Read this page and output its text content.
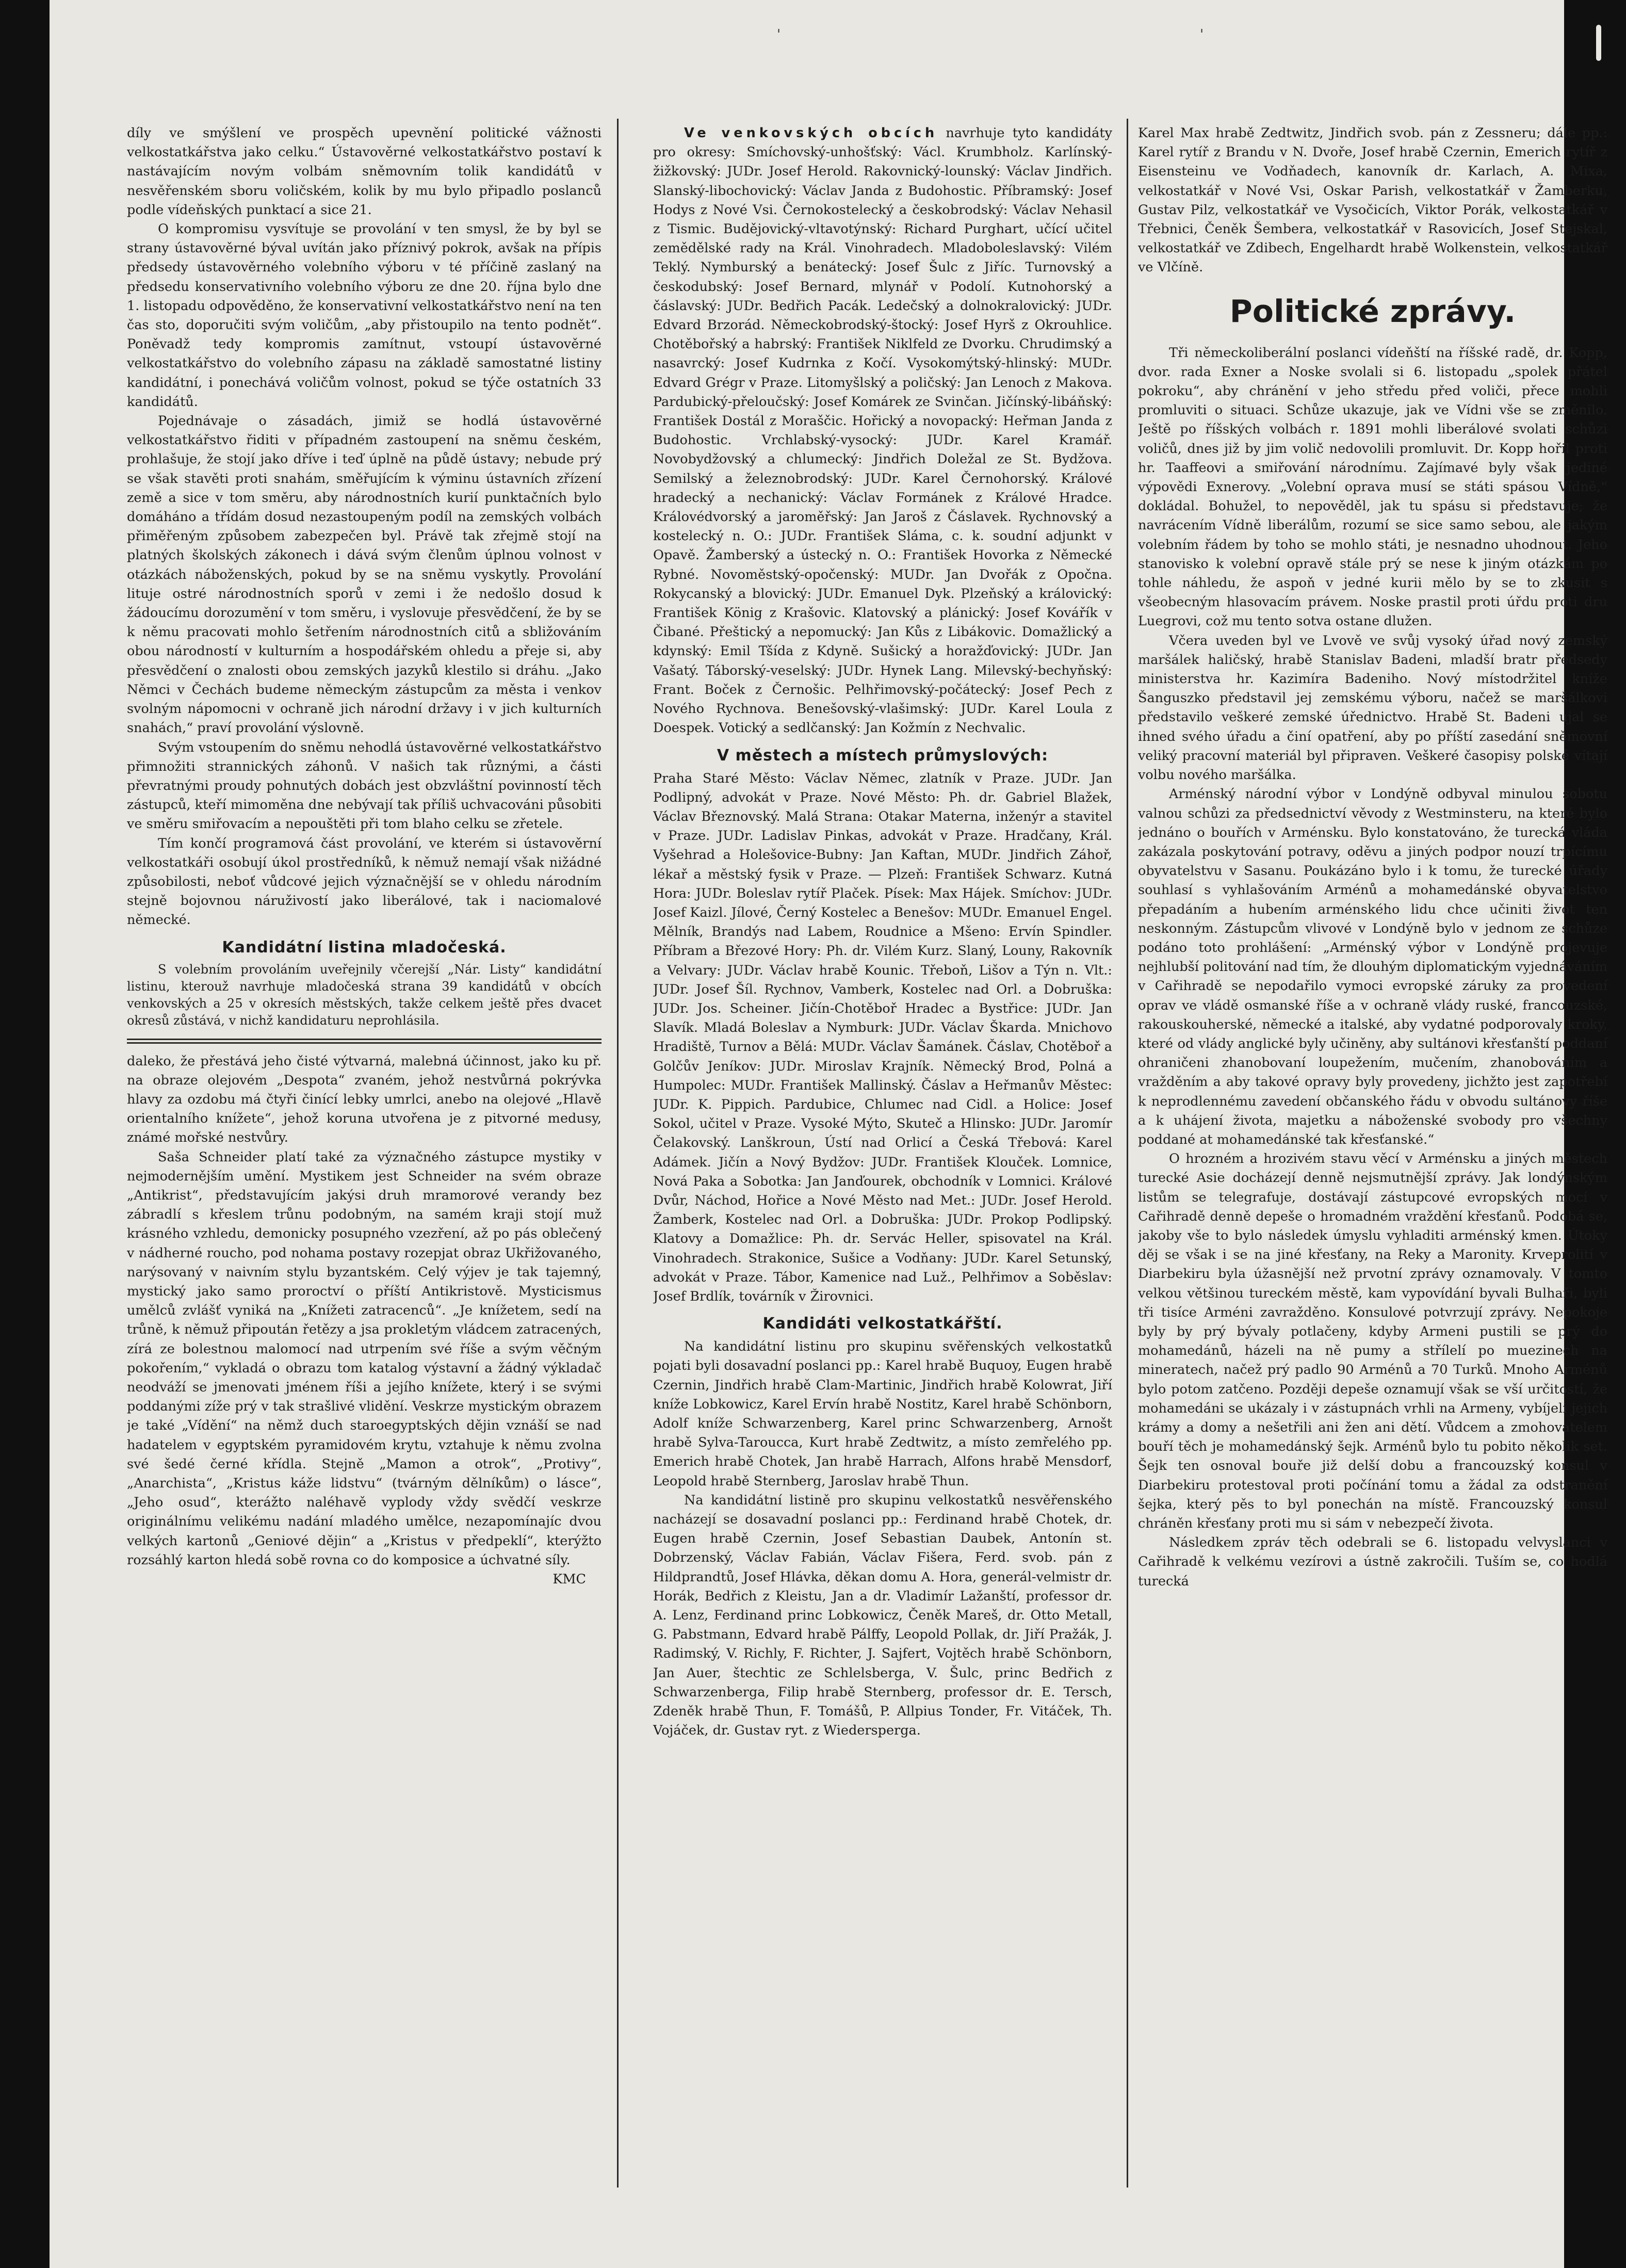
'	'

díly ve smýšlení ve prospěch upevnění politické vážnosti velkostatkářstva jako celku.“ Ústavověrné velkostatkářstvo postaví k nastávajícím novým volbám sněmovním tolik kandidátů v nesvěřenském sboru voličském, kolik by mu bylo připadlo poslanců podle vídeňských punktací a sice 21.

O kompromisu vysvítuje se provolání v ten smysl, že by byl se strany ústavověrné býval uvítán jako příznivý pokrok, avšak na přípis předsedy ústavověrného volebního výboru v té příčině zaslaný na předsedu konservativního volebního výboru ze dne 20. října bylo dne 1. listopadu odpověděno, že konservativní velkostatkářstvo není na ten čas sto, doporučiti svým voličům, „aby přistoupilo na tento podnět“. Poněvadž tedy kompromis zamítnut, vstoupí ústavověrné velkostatkářstvo do volebního zápasu na základě samostatné listiny kandidátní, i ponechává voličům volnost, pokud se týče ostatních 33 kandidátů.

Pojednávaje o zásadách, jimiž se hodlá ústavověrné velkostatkářstvo řiditi v případném zastoupení na sněmu českém, prohlašuje, že stojí jako dříve i teď úplně na půdě ústavy; nebude prý se však stavěti proti snahám, směřujícím k výminu ústavních zřízení země a sice v tom směru, aby národnostních kurií punktačních bylo domáháno a třídám dosud nezastoupeným podíl na zemských volbách přiměřeným způsobem zabezpečen byl. Právě tak zřejmě stojí na platných školských zákonech i dává svým členům úplnou volnost v otázkách náboženských, pokud by se na sněmu vyskytly. Provolání lituje ostré národnostních sporů v zemi i že nedošlo dosud k žádoucímu dorozumění v tom směru, i vyslovuje přesvědčení, že by se k němu pracovati mohlo šetřením národnostních citů a sbližováním obou národností v kulturním a hospodářském ohledu a přeje si, aby přesvědčení o znalosti obou zemských jazyků klestilo si dráhu. „Jako Němci v Čechách budeme německým zástupcům za města i venkov svolným nápomocni v ochraně jich národní državy i v jich kulturních snahách,“ praví provolání výslovně.

Svým vstoupením do sněmu nehodlá ústavověrné velkostatkářstvo přimnožiti strannických záhonů. V našich tak různými, a části převratnými proudy pohnutých dobách jest obzvláštní povinností těch zástupců, kteří mimoměna dne nebývají tak příliš uchvacováni působiti ve směru smiřovacím a nepouštěti při tom blaho celku se zřetele.

Tím končí programová část provolání, ve kterém si ústavověrní velkostatkáři osobují úkol prostředníků, k němuž nemají však nižádné způsobilosti, neboť vůdcové jejich význačnější se v ohledu národním stejně bojovnou náruživostí jako liberálové, tak i naciomalové německé.

Kandidátní listina mladočeská.

S volebním provoláním uveřejnily včerejší „Nár. Listy“ kandidátní listinu, kterouž navrhuje mladočeská strana 39 kandidátů v obcích venkovských a 25 v okresích městských, takže celkem ještě přes dvacet okresů zůstává, v nichž kandidaturu neprohlásila.

daleko, že přestává jeho čisté výtvarná, malebná účinnost, jako ku př. na obraze olejovém „Despota“ zvaném, jehož nestvůrná pokrývka hlavy za ozdobu má čtyři činící lebky umrlci, anebo na olejové „Hlavě orientalního knížete“, jehož koruna utvořena je z pitvorné medusy, známé mořské nestvůry.

Saša Schneider platí také za význačného zástupce mystiky v nejmodernějším umění. Mystikem jest Schneider na svém obraze „Antikrist“, představujícím jakýsi druh mramorové verandy bez zábradlí s křeslem trůnu podobným, na samém kraji stojí muž krásného vzhledu, demonicky posupného vzezření, až po pás oblečený v nádherné roucho, pod nohama postavy rozepjat obraz Ukřižovaného, narýsovaný v naivním stylu byzantském. Celý výjev je tak tajemný, mystický jako samo proroctví o příští Antikristově. Mysticismus umělců zvlášť vyniká na „Knížeti zatracenců“. „Je knížetem, sedí na trůně, k němuž připoután řetězy a jsa prokletým vládcem zatracených, zírá ze bolestnou malomocí nad utrpením své říše a svým věčným pokořením,“ vykladá o obrazu tom katalog výstavní a žádný výkladač neodváží se jmenovati jménem říši a jejího knížete, který i se svými poddanými zíže prý v tak strašlivé vlidění. Veskrze mystickým obrazem je také „Vídění“ na němž duch staroegyptských dějin vznáší se nad hadatelem v egyptském pyramidovém krytu, vztahuje k němu zvolna své šedé černé křídla. Stejně „Mamon a otrok“, „Protivy“, „Anarchista“, „Kristus káže lidstvu“ (tvárným dělníkům) o lásce“, „Jeho osud“, kterážto naléhavě vyplody vždy svědčí veskrze originálnímu velikému nadání mladého umělce, nezapomínajíc dvou velkých kartonů „Geniové dějin“ a „Kristus v předpeklí“, kterýžto rozsáhlý karton hledá sobě rovna co do komposice a úchvatné síly.

KMC

Ve venkovských obcích navrhuje tyto kandidáty pro okresy: Smíchovský-unhošťský: Václ. Krumbholz. Karlínský-žižkovský: JUDr. Josef Herold. Rakovnický-lounský: Václav Jindřich. Slanský-libochovický: Václav Janda z Budohostic. Příbramský: Josef Hodys z Nové Vsi. Černokostelecký a českobrodský: Václav Nehasil z Tismic. Budějovický-vltavotýnský: Richard Purghart, učící učitel zemědělské rady na Král. Vinohradech. Mladoboleslavský: Vilém Teklý. Nymburský a benátecký: Josef Šulc z Jiříc. Turnovský a českodubský: Josef Bernard, mlynář v Podolí. Kutnohorský a čáslavský: JUDr. Bedřich Pacák. Ledečský a dolnokralovický: JUDr. Edvard Brzorád. Německobrodský-štocký: Josef Hyrš z Okrouhlice. Chotěbořský a habrský: František Niklfeld ze Dvorku. Chrudimský a nasavrcký: Josef Kudrnka z Kočí. Vysokomýtský-hlinský: MUDr. Edvard Grégr v Praze. Litomyšlský a poličský: Jan Lenoch z Makova. Pardubický-přeloučský: Josef Komárek ze Svinčan. Jičínský-libáňský: František Dostál z Moraščic. Hořický a novopacký: Heřman Janda z Budohostic. Vrchlabský-vysocký: JUDr. Karel Kramář. Novobydžovský a chlumecký: Jindřich Doležal ze St. Bydžova. Semilský a železnobrodský: JUDr. Karel Černohorský. Králové hradecký a nechanický: Václav Formánek z Králové Hradce. Královédvorský a jaroměřský: Jan Jaroš z Čáslavek. Rychnovský a kostelecký n. O.: JUDr. František Sláma, c. k. soudní adjunkt v Opavě. Žamberský a ústecký n. O.: František Hovorka z Německé Rybné. Novoměstský-opočenský: MUDr. Jan Dvořák z Opočna. Rokycanský a blovický: JUDr. Emanuel Dyk. Plzeňský a královický: František König z Krašovic. Klatovský a plánický: Josef Kovářík v Čibané. Přeštický a nepomucký: Jan Kůs z Libákovic. Domažlický a kdynský: Emil Tšída z Kdyně. Sušický a horažďovický: JUDr. Jan Vašatý. Táborský-veselský: JUDr. Hynek Lang. Milevský-bechyňský: Frant. Boček z Černošic. Pelhřimovský-počátecký: Josef Pech z Nového Rychnova. Benešovský-vlašimský: JUDr. Karel Loula z Doespek. Votický a sedlčanský: Jan Kožmín z Nechvalic.

V městech a místech průmyslových:

Praha Staré Město: Václav Němec, zlatník v Praze. JUDr. Jan Podlipný, advokát v Praze. Nové Město: Ph. dr. Gabriel Blažek, Václav Březnovský. Malá Strana: Otakar Materna, inženýr a stavitel v Praze. JUDr. Ladislav Pinkas, advokát v Praze. Hradčany, Král. Vyšehrad a Holešovice-Bubny: Jan Kaftan, MUDr. Jindřich Záhoř, lékař a městský fysik v Praze. — Plzeň: František Schwarz. Kutná Hora: JUDr. Boleslav rytíř Plaček. Písek: Max Hájek. Smíchov: JUDr. Josef Kaizl. Jílové, Černý Kostelec a Benešov: MUDr. Emanuel Engel. Mělník, Brandýs nad Labem, Roudnice a Mšeno: Ervín Spindler. Příbram a Březové Hory: Ph. dr. Vilém Kurz. Slaný, Louny, Rakovník a Velvary: JUDr. Václav hrabě Kounic. Třeboň, Lišov a Týn n. Vlt.: JUDr. Josef Šíl. Rychnov, Vamberk, Kostelec nad Orl. a Dobruška: JUDr. Jos. Scheiner. Jičín-Chotěboř Hradec a Bystřice: JUDr. Jan Slavík. Mladá Boleslav a Nymburk: JUDr. Václav Škarda. Mnichovo Hradiště, Turnov a Bělá: MUDr. Václav Šamánek. Čáslav, Chotěboř a Golčův Jeníkov: JUDr. Miroslav Krajník. Německý Brod, Polná a Humpolec: MUDr. František Mallinský. Čáslav a Heřmanův Městec: JUDr. K. Pippich. Pardubice, Chlumec nad Cidl. a Holice: Josef Sokol, učitel v Praze. Vysoké Mýto, Skuteč a Hlinsko: JUDr. Jaromír Čelakovský. Lanškroun, Ústí nad Orlicí a Česká Třebová: Karel Adámek. Jičín a Nový Bydžov: JUDr. František Klouček. Lomnice, Nová Paka a Sobotka: Jan Janďourek, obchodník v Lomnici. Králové Dvůr, Náchod, Hořice a Nové Město nad Met.: JUDr. Josef Herold. Žamberk, Kostelec nad Orl. a Dobruška: JUDr. Prokop Podlipský. Klatovy a Domažlice: Ph. dr. Servác Heller, spisovatel na Král. Vinohradech. Strakonice, Sušice a Vodňany: JUDr. Karel Setunský, advokát v Praze. Tábor, Kamenice nad Luž., Pelhřimov a Soběslav: Josef Brdlík, továrník v Žirovnici.

Kandidáti velkostatkářští.

Na kandidátní listinu pro skupinu svěřenských velkostatků pojati byli dosavadní poslanci pp.: Karel hrabě Buquoy, Eugen hrabě Czernin, Jindřich hrabě Clam-Martinic, Jindřich hrabě Kolowrat, Jiří kníže Lobkowicz, Karel Ervín hrabě Nostitz, Karel hrabě Schönborn, Adolf kníže Schwarzenberg, Karel princ Schwarzenberg, Arnošt hrabě Sylva-Taroucca, Kurt hrabě Zedtwitz, a místo zemřelého pp. Emerich hrabě Chotek, Jan hrabě Harrach, Alfons hrabě Mensdorf, Leopold hrabě Sternberg, Jaroslav hrabě Thun.

Na kandidátní listině pro skupinu velkostatků nesvěřenského nacházejí se dosavadní poslanci pp.: Ferdinand hrabě Chotek, dr. Eugen hrabě Czernin, Josef Sebastian Daubek, Antonín st. Dobrzenský, Václav Fabián, Václav Fišera, Ferd. svob. pán z Hildprandtů, Josef Hlávka, děkan domu A. Hora, generál-velmistr dr. Horák, Bedřich z Kleistu, Jan a dr. Vladimír Lažanští, professor dr. A. Lenz, Ferdinand princ Lobkowicz, Čeněk Mareš, dr. Otto Metall, G. Pabstmann, Edvard hrabě Pálffy, Leopold Pollak, dr. Jiří Pražák, J. Radimský, V. Richly, F. Richter, J. Sajfert, Vojtěch hrabě Schönborn, Jan Auer, štechtic ze Schlelsberga, V. Šulc, princ Bedřich z Schwarzenberga, Filip hrabě Sternberg, professor dr. E. Tersch, Zdeněk hrabě Thun, F. Tomášů, P. Allpius Tonder, Fr. Vitáček, Th. Vojáček, dr. Gustav ryt. z Wiedersperga.

Karel Max hrabě Zedtwitz, Jindřich svob. pán z Zessneru; dále pp.: Karel rytíř z Brandu v N. Dvoře, Josef hrabě Czernin, Emerich rytíř z Eisensteinu ve Vodňadech, kanovník dr. Karlach, A. Mixa, velkostatkář v Nové Vsi, Oskar Parish, velkostatkář v Žamberku, Gustav Pilz, velkostatkář ve Vysočicích, Viktor Porák, velkostatkář v Třebnici, Čeněk Šembera, velkostatkář v Rasovicích, Josef Stejskal, velkostatkář ve Zdibech, Engelhardt hrabě Wolkenstein, velkostatkář ve Vlčíně.

Politické zprávy.

Tři německoliberální poslanci vídeňští na říšské radě, dr. Kopp, dvor. rada Exner a Noske svolali si 6. listopadu „spolek přátel pokroku“, aby chránění v jeho středu před voliči, přece mohli promluviti o situaci. Schůze ukazuje, jak ve Vídni vše se změnilo. Ještě po říšských volbách r. 1891 mohli liberálové svolati schůzi voličů, dnes již by jim volič nedovolili promluvit. Dr. Kopp hořil proti hr. Taaffeovi a smiřování národnímu. Zajímavé byly však jediné výpovědi Exnerovy. „Volební oprava musí se státi spásou Vídně,“ dokládal. Bohužel, to nepověděl, jak tu spásu si představuje; že navrácením Vídně liberálům, rozumí se sice samo sebou, ale jakým volebním řádem by toho se mohlo státi, je nesnadno uhodnout. Jeho stanovisko k volební opravě stále prý se nese k jiným otázkám po tohle náhledu, že aspoň v jedné kurii mělo by se to zkusit s všeobecným hlasovacím právem. Noske prastil proti úřdu proti dru Luegrovi, což mu tento sotva ostane dlužen.

Včera uveden byl ve Lvově ve svůj vysoký úřad nový zemský maršálek haličský, hrabě Stanislav Badeni, mladší bratr předsedy ministerstva hr. Kazimíra Badeniho. Nový místodržitel kníže Šanguszko představil jej zemskému výboru, načež se maršálkovi představilo veškeré zemské úřednictvo. Hrabě St. Badeni ujal se ihned svého úřadu a činí opatření, aby po příští zasedání sněmovní veliký pracovní materiál byl připraven. Veškeré časopisy polské vítají volbu nového maršálka.

Arménský národní výbor v Londýně odbyval minulou sobotu valnou schůzi za předsednictví věvody z Westminsteru, na které bylo jednáno o bouřích v Arménsku. Bylo konstatováno, že turecká vláda zakázala poskytování potravy, oděvu a jiných podpor nouzí trpícímu obyvatelstvu v Sasanu. Poukázáno bylo i k tomu, že turecké úřady souhlasí s vyhlašováním Arménů a mohamedánské obyvatelstvo přepadáním a hubením arménského lidu chce učiniti život ten neskonným. Zástupcům vlivové v Londýně bylo v jednom ze schůze podáno toto prohlášení: „Arménský výbor v Londýně projevuje nejhlubší politování nad tím, že dlouhým diplomatickým vyjednáváním v Cařihradě se nepodařilo vymoci evropské záruky za provedení oprav ve vládě osmanské říše a v ochraně vlády ruské, francouzské, rakouskouherské, německé a italské, aby vydatné podporovaly kroky, které od vlády anglické byly učiněny, aby sultánovi křesťanští poddaní ohraničeni zhanobovaní loupežením, mučením, zhanobováním a vražděním a aby takové opravy byly provedeny, jichžto jest zapotřebí k neprodlennému zavedení občanského řádu v obvodu sultánovy říše a k uhájení života, majetku a náboženské svobody pro všechny poddané at mohamedánské tak křesťanské.“

O hrozném a hrozivém stavu věcí v Arménsku a jiných městech turecké Asie docházejí denně nejsmutnější zprávy. Jak londýnským listům se telegrafuje, dostávají zástupcové evropských mocí v Cařihradě denně depeše o hromadném vraždění křesťanů. Podobá se, jakoby vše to bylo následek úmyslu vyhladiti arménský kmen. Útoky děj se však i se na jiné křesťany, na Reky a Maronity. Krveprolití v Diarbekiru byla úžasnější než prvotní zprávy oznamovaly. V tomto velkou většinou tureckém městě, kam vypovídání byvali Bulhaři, byli tři tisíce Arméni zavražděno. Konsulové potvrzují zprávy. Nepokoje byly by prý bývaly potlačeny, kdyby Armeni pustili se prý do mohamedánů, házeli na ně pumy a střílelí po muezinech na mineratech, načež prý padlo 90 Arménů a 70 Turků. Mnoho Arménů bylo potom zatčeno. Později depeše oznamují však se vší určitostí, že mohamedáni se ukázaly i v zástupnách vrhli na Armeny, vybíjeli jejich krámy a domy a nešetřili ani žen ani dětí. Vůdcem a zmohovatelem bouří těch je mohamedánský šejk. Arménů bylo tu pobito několik set. Šejk ten osnoval bouře již delší dobu a francouzský konsul v Diarbekiru protestoval proti počínání tomu a žádal za odstranění šejka, který pěs to byl ponechán na místě. Francouzský konsul chráněn křesťany proti mu si sám v nebezpečí života.

Následkem zpráv těch odebrali se 6. listopadu velvyslanci v Cařihradě k velkému vezírovi a ústně zakročili. Tuším se, co hodlá turecká
